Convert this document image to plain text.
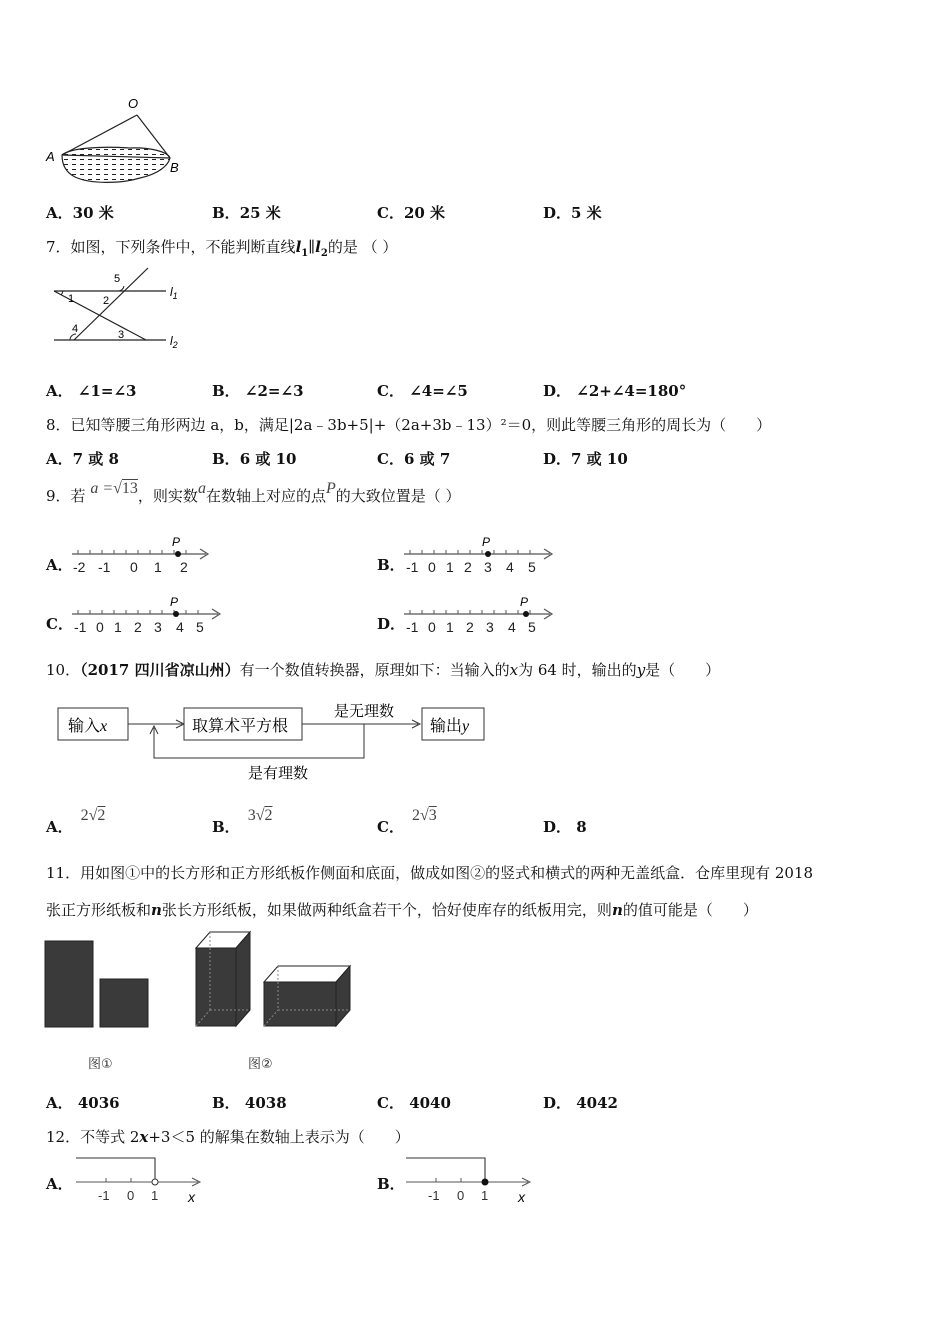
O
A
B
A．30 米	B．25 米	C．20 米	D．5 米
7．如图，下列条件中，不能判断直线$l_1\parallel l_2$的是 （ ）
1	2
5
4	3
$l_1$
$l_2$
A． ∠1=∠3	B． ∠2=∠3	C． ∠4=∠5	D． ∠2+∠4=180°
8．已知等腰三角形两边 a，b，满足|2a﹣3b+5|+（2a+3b﹣13）²＝0，则此等腰三角形的周长为（　　）
A．7 或 8	B．6 或 10	C．6 或 7	D．7 或 10
9．若 a =√13，则实数a在数轴上对应的点P的大致位置是（ ）
A．
P
-2 -1 0 1 2	B．
P
-1 0 1 2 3 4 5
C．
P
-1 0 1 2 3 4 5	D．
P
-1 0 1 2 3 4 5
10．（2017 四川省凉山州）有一个数值转换器，原理如下：当输入的x为 64 时，输出的y是（　　）
输入x	取算术平方根
是无理数
输出y
是有理数
A．2√2
B．3√2
C．2√3
D． 8
11．用如图①中的长方形和正方形纸板作侧面和底面，做成如图②的竖式和横式的两种无盖纸盒．仓库里现有 2018
张正方形纸板和n张长方形纸板，如果做两种纸盒若干个，恰好使库存的纸板用完，则n的值可能是（　　）
图①	图②
A． 4036	B． 4038	C． 4040	D． 4042
12．不等式 2x+3＜5 的解集在数轴上表示为（　　）
A．
-1 0 1 x
B．
-1 0 1 x
